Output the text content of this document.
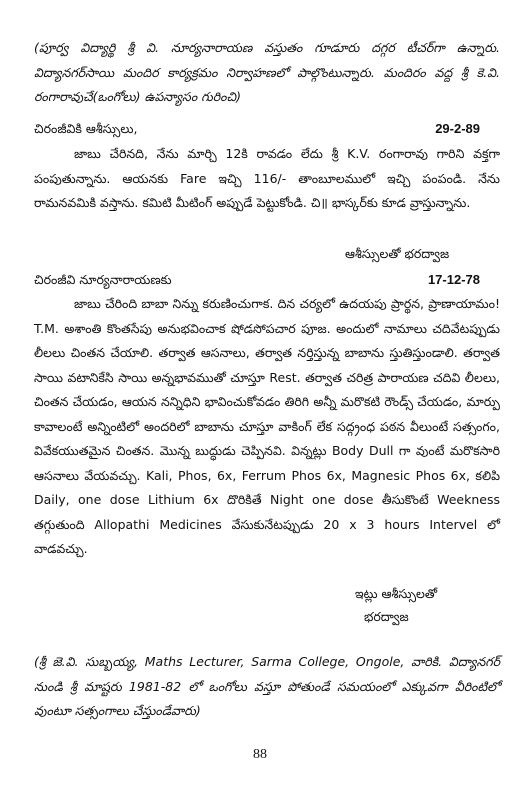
(పూర్వ విద్యార్థి శ్రీ వి. నూర్యనారాయణ వస్తుతం గూడూరు దగ్గర టీచర్‌గా ఉన్నారు. విద్యానగర్‌సాయి మందిర కార్యక్రమం నిర్వాహణలో పాల్గొంటున్నారు. మందిరం వద్ద శ్రీ కె.వి. రంగారావుచే(ఒంగోలు) ఉపన్యాసం గురించి)

చిరంజీవికి ఆశీస్సులు,	29-2-89

జాబు చేరినది, నేను మార్చి 12కి రావడం లేదు శ్రీ K.V. రంగారావు గారిని వక్తగా పంపుతున్నాను. ఆయనకు Fare ఇచ్చి 116/- తాంబూలములో ఇచ్చి పంపండి. నేను రామనవమికి వస్తాను. కమిటి మీటింగ్ అప్పుడే పెట్టుకోండి. చి॥ భాస్కర్‌కు కూడ వ్రాస్తున్నాను.

ఆశీస్సులతో భరద్వాజ
చిరంజీవి నూర్యనారాయణకు	17-12-78

జాబు చేరింది బాబా నిన్ను కరుణించుగాక. దిన చర్యలో ఉదయపు ప్రార్థన, ప్రాణాయామం! T.M. అశాంతి కొంతసేపు అనుభవించాక షోడసోపచార పూజ. అందులో నామాలు చదివేటప్పుడు లీలలు చింతన చేయాలి. తర్వాత ఆసనాలు, తర్వాత నర్తిస్తున్న బాబాను స్తుతిస్తుండాలి. తర్వాత సాయి వటానికేసి సాయి అన్నభావముతో చూస్తూ Rest. తర్వాత చరిత్ర పారాయణ చదివి లీలలు, చింతన చేయడం, ఆయన నన్నిధిని భావించుకోవడం తిరిగి అన్నీ మరొకటి రౌండ్స్ చేయడం, మార్పు కావాలంటే అన్నింటిలో అందరిలో బాబాను చూస్తూ వాకింగ్ లేక సద్గ్రంధ పఠన వీలుంటే సత్సంగం, వివేకయుతమైన చింతన. మొన్న బుద్ధుడు చెప్పినవి. విన్నట్లు Body Dull గా వుంటే మరొకసారి ఆసనాలు వేయవచ్చు. Kali, Phos, 6x, Ferrum Phos 6x, Magnesic Phos 6x, కలిపి Daily, one dose Lithium 6x దొరికితే Night one dose తీసుకొంటే Weekness తగ్గుతుంది Allopathi Medicines వేసుకునేటప్పుడు 20 x 3 hours Intervel లో వాడవచ్చు.

ఇట్లు ఆశీస్సులతో
భరద్వాజ

(శ్రీ జె.వి. సుబ్బయ్య, Maths Lecturer, Sarma College, Ongole, వారికి. విద్యానగర్ నుండి శ్రీ మాష్టరు 1981-82 లో ఒంగోలు వస్తూ పోతుండే సమయంలో ఎక్కువగా వీరింటిలో వుంటూ సత్సంగాలు చేస్తుండేవారు)

88
